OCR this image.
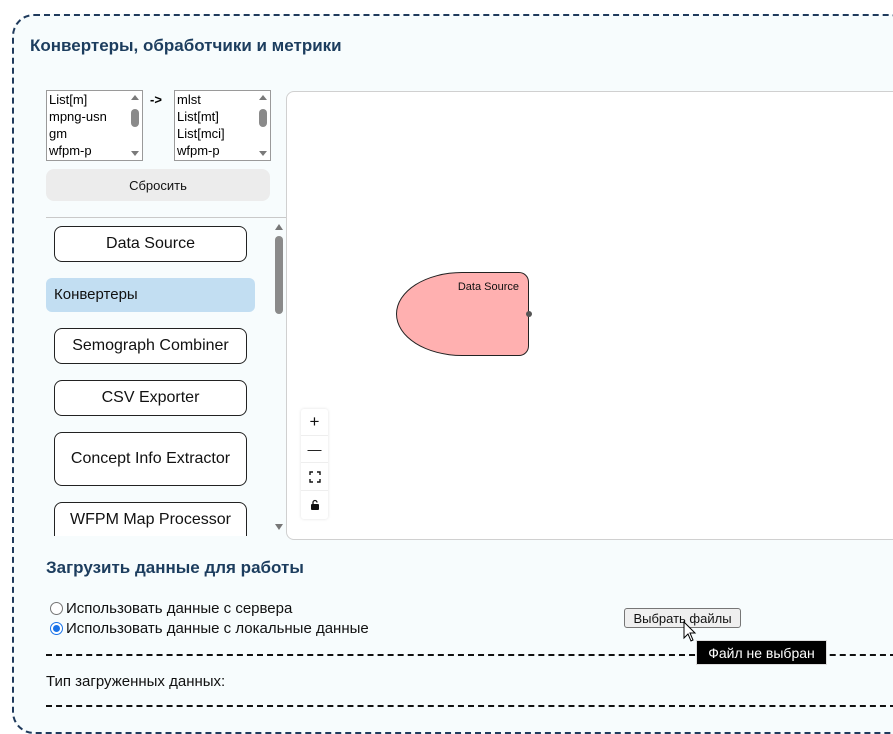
Конвертеры, обработчики и метрики
List[m]
mpng-usn
gm
wfpm-p
-> mlst
List[mt]
List[mci]
wfpm-p
Сбросить
Data Source
Конвертеры
Semograph Combiner
CSV Exporter
Concept Info Extractor
WFPM Map Processor
Data Source
+
—
Загрузить данные для работы
Использовать данные с сервера
Использовать данные с локальные данные
Выбрать файлы
Тип загруженных данных:
Файл не выбран
